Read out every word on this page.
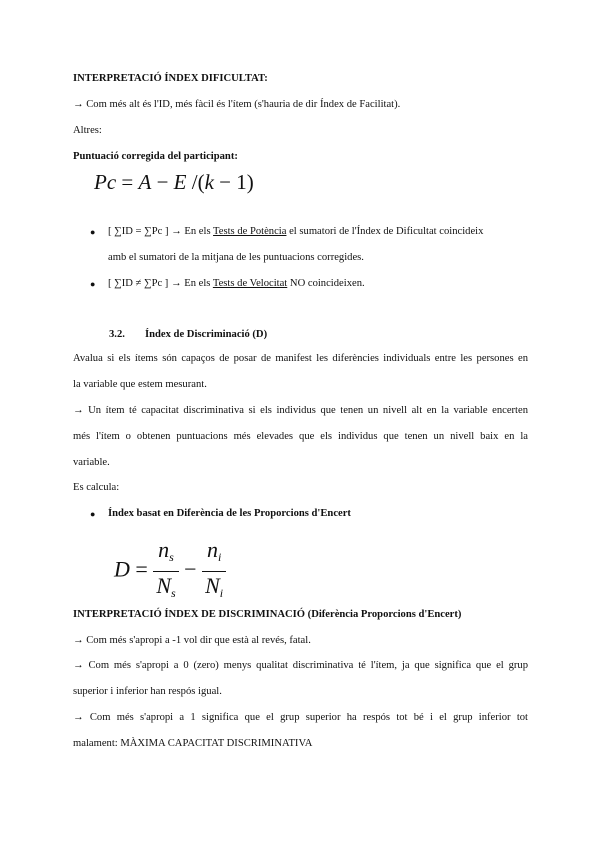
INTERPRETACIÓ ÍNDEX DIFICULTAT:
→ Com més alt és l'ID, més fàcil és l'ítem (s'hauria de dir Índex de Facilitat).
Altres:
Puntuació corregida del participant:
Pc = A − E /(k − 1)
● [ ∑ID = ∑Pc ] → En els Tests de Potència el sumatori de l'Índex de Dificultat coincideix
amb el sumatori de la mitjana de les puntuacions corregides.
● [ ∑ID ≠ ∑Pc ] → En els Tests de Velocitat NO coincideixen.
3.2. Índex de Discriminació (D)
Avalua si els ítems són capaços de posar de manifest les diferències individuals entre les persones en
la variable que estem mesurant.
→ Un ítem té capacitat discriminativa si els individus que tenen un nivell alt en la variable encerten
més l'ítem o obtenen puntuacions més elevades que els individus que tenen un nivell baix en la
variable.
Es calcula:
● Índex basat en Diferència de les Proporcions d'Encert
$D = \frac{n_s}{N_s} - \frac{n_i}{N_i}$
INTERPRETACIÓ ÍNDEX DE DISCRIMINACIÓ (Diferència Proporcions d'Encert)
→ Com més s'apropi a -1 vol dir que està al revés, fatal.
→ Com més s'apropi a 0 (zero) menys qualitat discriminativa té l'ítem, ja que significa que el grup
superior i inferior han respós igual.
→ Com més s'apropi a 1 significa que el grup superior ha respós tot bé i el grup inferior tot
malament: MÀXIMA CAPACITAT DISCRIMINATIVA
